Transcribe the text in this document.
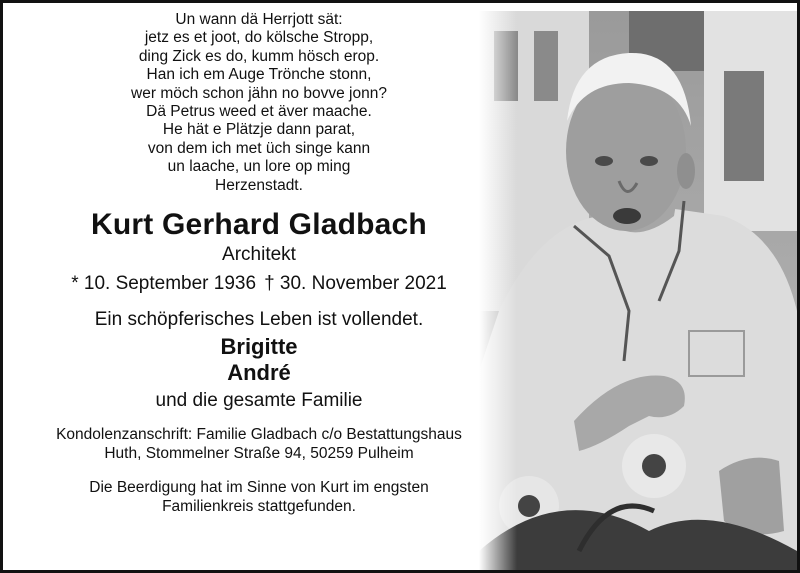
Un wann dä Herrjott sät:
jetz es et joot, do kölsche Stropp,
ding Zick es do, kumm hösch erop.
Han ich em Auge Trönche stonn,
wer möch schon jähn no bovve jonn?
Dä Petrus weed et äver maache.
He hät e Plätzje dann parat,
von dem ich met üch singe kann
un laache, un lore op ming
Herzenstadt.
Kurt Gerhard Gladbach
Architekt
* 10. September 1936 † 30. November 2021
Ein schöpferisches Leben ist vollendet.
Brigitte
André
und die gesamte Familie
Kondolenzanschrift: Familie Gladbach c/o Bestattungshaus
Huth, Stommelner Straße 94, 50259 Pulheim
Die Beerdigung hat im Sinne von Kurt im engsten
Familienkreis stattgefunden.
